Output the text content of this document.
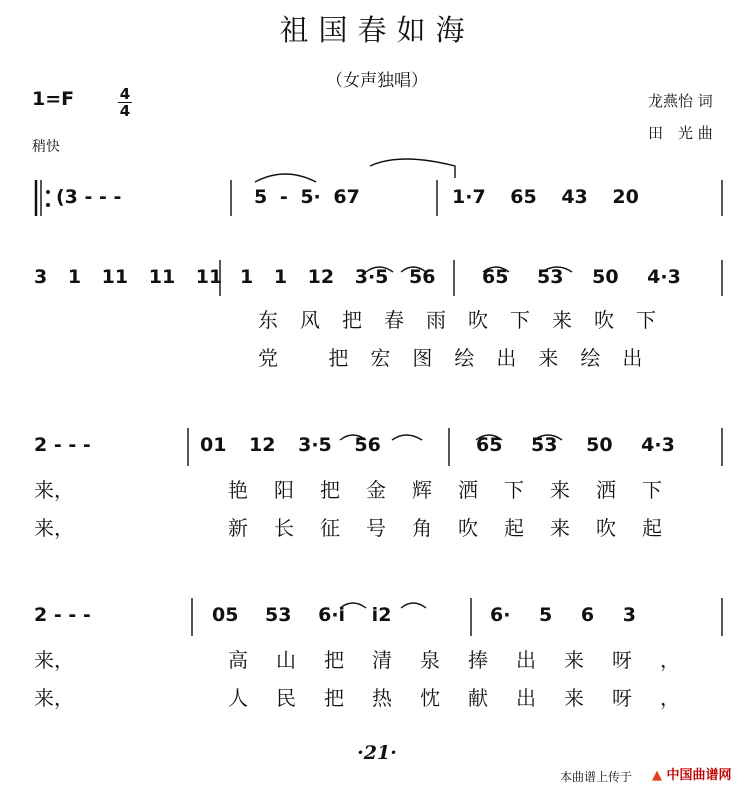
祖国春如海
（女声独唱）
1=F	4
4
稍快
龙燕怡 词
田　光 曲
(3 - - -	5 - 5· 67	1·7 65 43 20
3 1 11 11 11 1 1 12 3·5 56 65 53 50 4·3
东风把春雨吹下来吹下
党 把宏图绘出来绘出
2 - - -	01 12 3·5 56	65 53 50 4·3
来，	艳阳把金辉洒下来洒下
来，	新长征号角吹起来吹起
2 - - -	05 53 6·i i2	6· 5 6 3
来，	高山把清泉捧出来呀，
来，	人民把热忱献出来呀，
·21·
本曲谱上传于 ▲ 中国曲谱网
